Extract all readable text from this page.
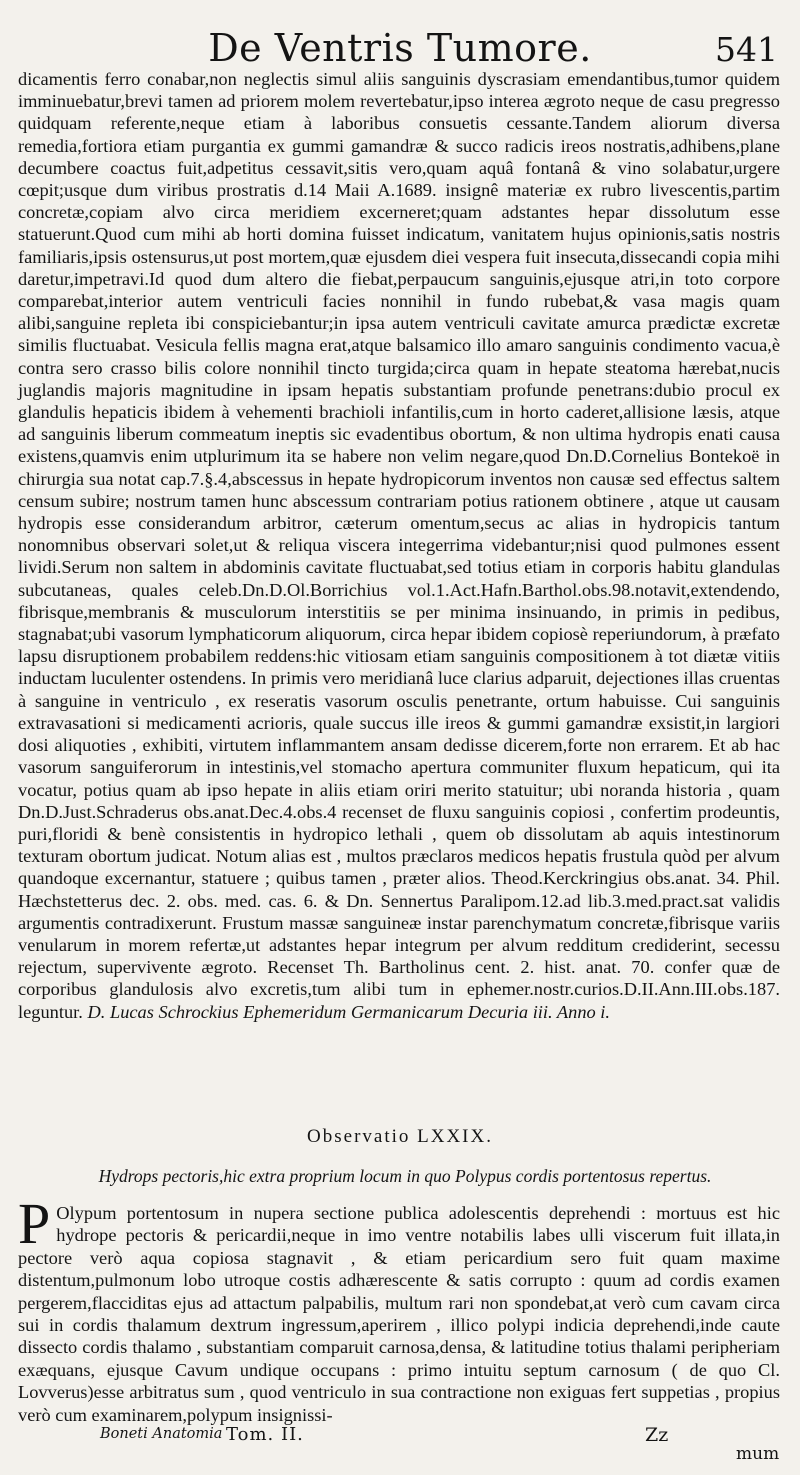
De Ventris Tumore.	541

dicamentis ferro conabar,non neglectis simul aliis sanguinis dyscrasiam emendantibus,tumor quidem imminuebatur,brevi tamen ad priorem molem revertebatur,ipso interea ægroto neque de casu pregresso quidquam referente,neque etiam à laboribus consuetis cessante.Tandem aliorum diversa remedia,fortiora etiam purgantia ex gummi gamandræ & succo radicis ireos nostratis,adhibens,plane decumbere coactus fuit,adpetitus cessavit,sitis vero,quam aquâ fontanâ & vino solabatur,urgere cœpit;usque dum viribus prostratis d.14 Maii A.1689. insignê materiæ ex rubro livescentis,partim concretæ,copiam alvo circa meridiem excerneret;quam adstantes hepar dissolutum esse statuerunt.Quod cum mihi ab horti domina fuisset indicatum, vanitatem hujus opinionis,satis nostris familiaris,ipsis ostensurus,ut post mortem,quæ ejusdem diei vespera fuit insecuta,dissecandi copia mihi daretur,impetravi.Id quod dum altero die fiebat,perpaucum sanguinis,ejusque atri,in toto corpore comparebat,interior autem ventriculi facies nonnihil in fundo rubebat,& vasa magis quam alibi,sanguine repleta ibi conspiciebantur;in ipsa autem ventriculi cavitate amurca prædictæ excretæ similis fluctuabat. Vesicula fellis magna erat,atque balsamico illo amaro sanguinis condimento vacua,è contra sero crasso bilis colore nonnihil tincto turgida;circa quam in hepate steatoma hærebat,nucis juglandis majoris magnitudine in ipsam hepatis substantiam profunde penetrans:dubio procul ex glandulis hepaticis ibidem à vehementi brachioli infantilis,cum in horto caderet,allisione læsis, atque ad sanguinis liberum commeatum ineptis sic evadentibus obortum, & non ultima hydropis enati causa existens,quamvis enim utplurimum ita se habere non velim negare,quod Dn.D.Cornelius Bontekoë in chirurgia sua notat cap.7.§.4,abscessus in hepate hydropicorum inventos non causæ sed effectus saltem censum subire; nostrum tamen hunc abscessum contrariam potius rationem obtinere , atque ut causam hydropis esse considerandum arbitror, cæterum omentum,secus ac alias in hydropicis tantum nonomnibus observari solet,ut & reliqua viscera integerrima videbantur;nisi quod pulmones essent lividi.Serum non saltem in abdominis cavitate fluctuabat,sed totius etiam in corporis habitu glandulas subcutaneas, quales celeb.Dn.D.Ol.Borrichius vol.1.Act.Hafn.Barthol.obs.98.notavit,extendendo, fibrisque,membranis & musculorum interstitiis se per minima insinuando, in primis in pedibus, stagnabat;ubi vasorum lymphaticorum aliquorum, circa hepar ibidem copiosè reperiundorum, à præfato lapsu disruptionem probabilem reddens:hic vitiosam etiam sanguinis compositionem à tot diætæ vitiis inductam luculenter ostendens. In primis vero meridianâ luce clarius adparuit, dejectiones illas cruentas à sanguine in ventriculo , ex reseratis vasorum osculis penetrante, ortum habuisse. Cui sanguinis extravasationi si medicamenti acrioris, quale succus ille ireos & gummi gamandræ exsistit,in largiori dosi aliquoties , exhibiti, virtutem inflammantem ansam dedisse dicerem,forte non errarem. Et ab hac vasorum sanguiferorum in intestinis,vel stomacho apertura communiter fluxum hepaticum, qui ita vocatur, potius quam ab ipso hepate in aliis etiam oriri merito statuitur; ubi noranda historia , quam Dn.D.Just.Schraderus obs.anat.Dec.4.obs.4 recenset de fluxu sanguinis copiosi , confertim prodeuntis, puri,floridi & benè consistentis in hydropico lethali , quem ob dissolutam ab aquis intestinorum texturam obortum judicat. Notum alias est , multos præclaros medicos hepatis frustula quòd per alvum quandoque excernantur, statuere ; quibus tamen , præter alios. Theod.Kerckringius obs.anat. 34. Phil. Hæchstetterus dec. 2. obs. med. cas. 6. & Dn. Sennertus Paralipom.12.ad lib.3.med.pract.sat validis argumentis contradixerunt. Frustum massæ sanguineæ instar parenchymatum concretæ,fibrisque variis venularum in morem refertæ,ut adstantes hepar integrum per alvum redditum crediderint, secessu rejectum, supervivente ægroto. Recenset Th. Bartholinus cent. 2. hist. anat. 70. confer quæ de corporibus glandulosis alvo excretis,tum alibi tum in ephemer.nostr.curios.D.II.Ann.III.obs.187. leguntur. D. Lucas Schrockius Ephemeridum Germanicarum Decuria iii. Anno i.

Observatio LXXIX.
Hydrops pectoris,hic extra proprium locum in quo Polypus cordis portentosus repertus.

P Olypum portentosum in nupera sectione publica adolescentis deprehendi : mortuus est hic hydrope pectoris & pericardii,neque in imo ventre notabilis labes ulli viscerum fuit illata,in pectore verò aqua copiosa stagnavit , & etiam pericardium sero fuit quam maxime distentum,pulmonum lobo utroque costis adhærescente & satis corrupto : quum ad cordis examen pergerem,flacciditas ejus ad attactum palpabilis, multum rari non spondebat,at verò cum cavam circa sui in cordis thalamum dextrum ingressum,aperirem , illico polypi indicia deprehendi,inde caute dissecto cordis thalamo , substantiam comparuit carnosa,densa, & latitudine totius thalami peripheriam exæquans, ejusque Cavum undique occupans : primo intuitu septum carnosum ( de quo Cl. Lovverus)esse arbitratus sum , quod ventriculo in sua contractione non exiguas fert suppetias , propius verò cum examinarem,polypum insignissi-

Boneti Anatomia Tom. II.	Zz
mum
